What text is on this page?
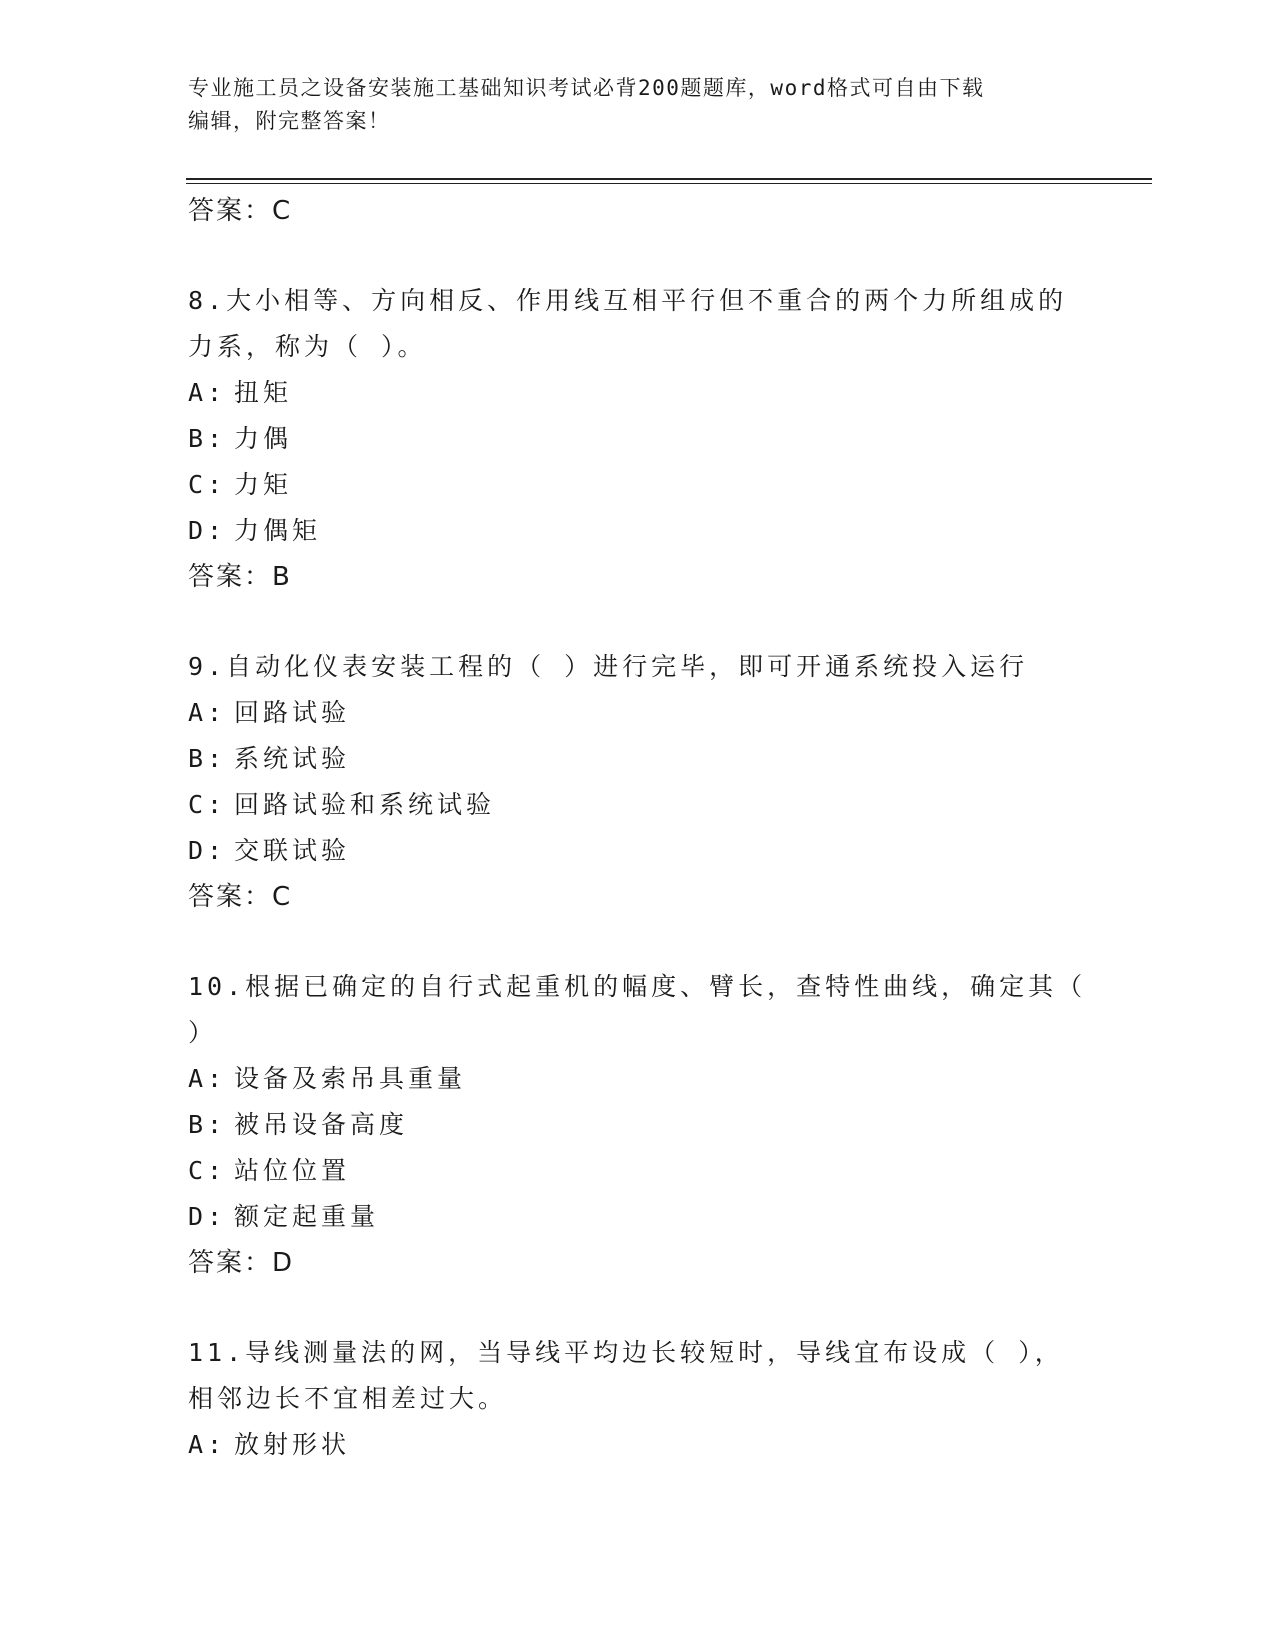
专业施工员之设备安装施工基础知识考试必背200题题库，word格式可自由下载
编辑，附完整答案！
答案：C
8.大小相等、方向相反、作用线互相平行但不重合的两个力所组成的
力系，称为（ ）。
A: 扭矩
B: 力偶
C: 力矩
D: 力偶矩
答案：B
9.自动化仪表安装工程的（ ）进行完毕，即可开通系统投入运行
A: 回路试验
B: 系统试验
C: 回路试验和系统试验
D: 交联试验
答案：C
10.根据已确定的自行式起重机的幅度、臂长，查特性曲线，确定其（
）
A: 设备及索吊具重量
B: 被吊设备高度
C: 站位位置
D: 额定起重量
答案：D
11.导线测量法的网，当导线平均边长较短时，导线宜布设成（ ），
相邻边长不宜相差过大。
A: 放射形状
